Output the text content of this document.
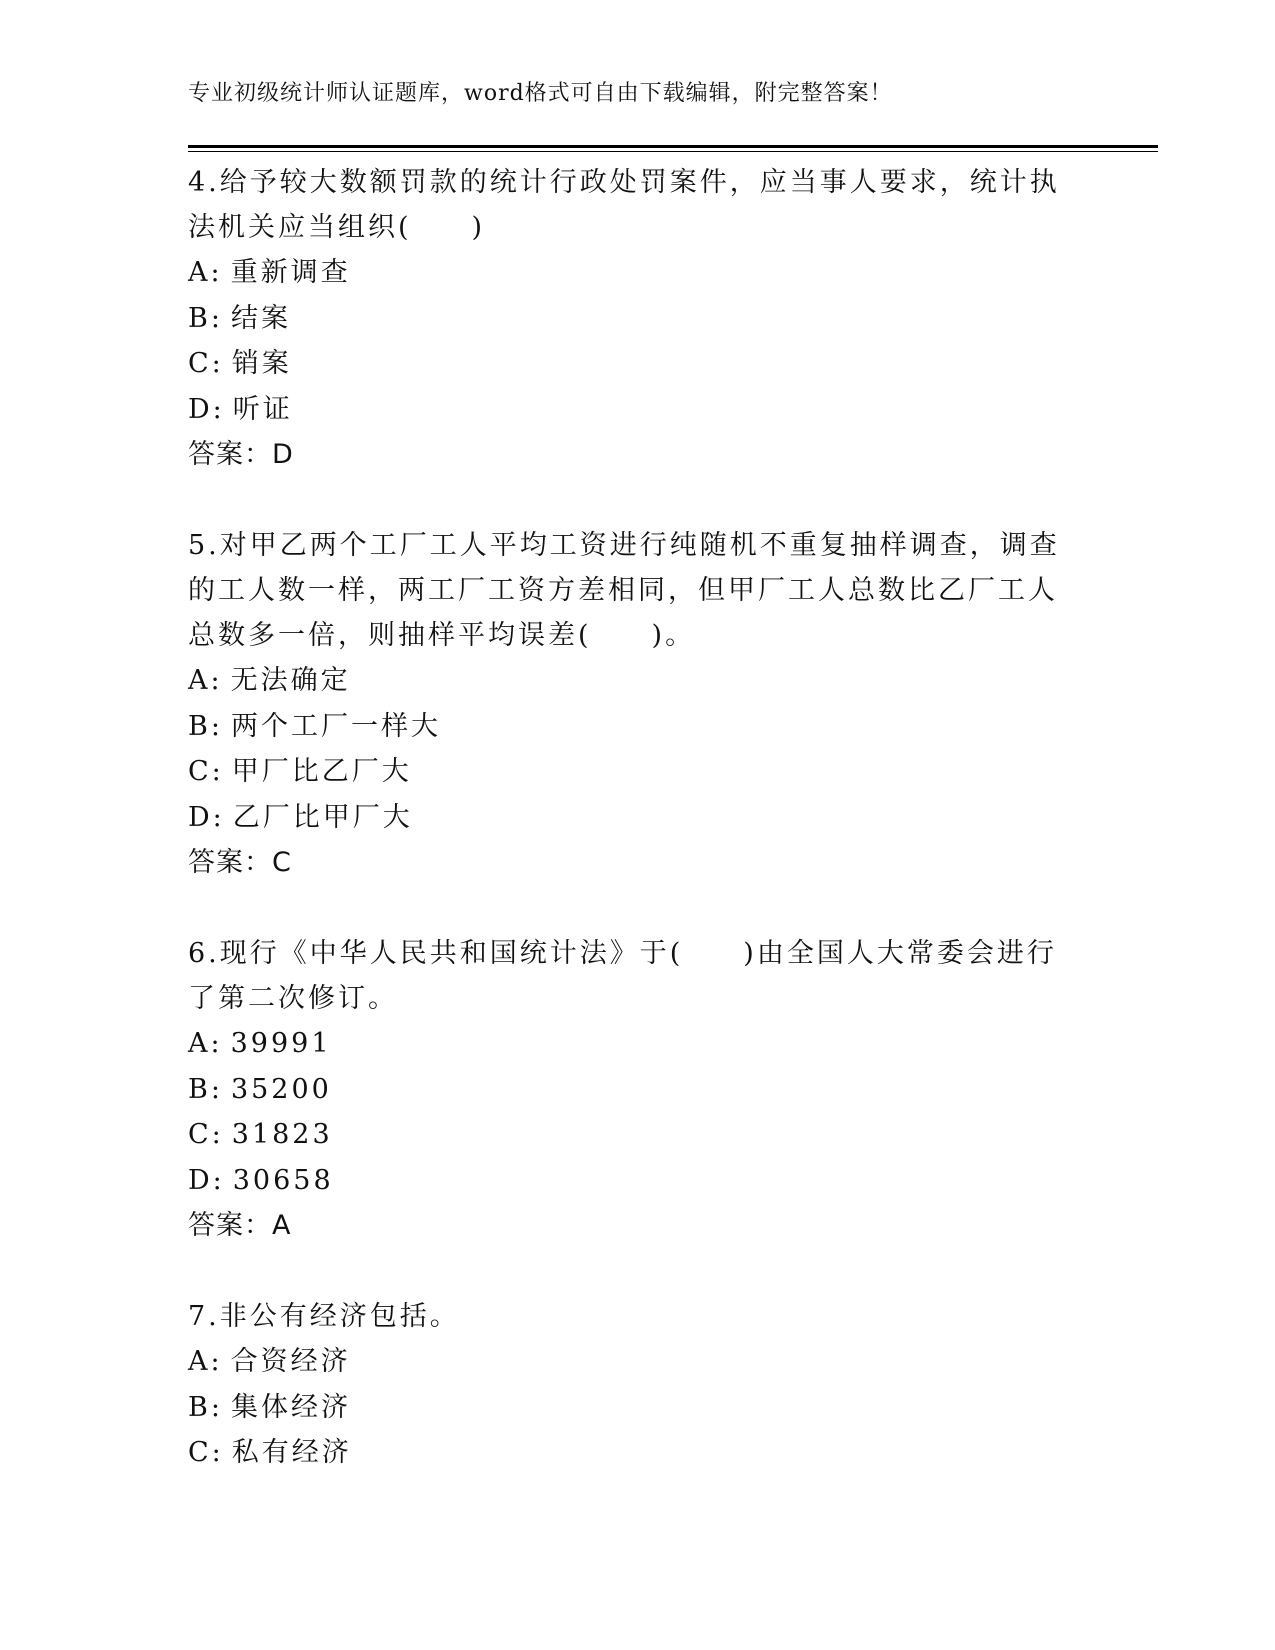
专业初级统计师认证题库，word格式可自由下载编辑，附完整答案！

4.给予较大数额罚款的统计行政处罚案件，应当事人要求，统计执法机关应当组织(　　)

A: 重新调查
B: 结案
C: 销案
D: 听证
答案：D

5.对甲乙两个工厂工人平均工资进行纯随机不重复抽样调查，调查的工人数一样，两工厂工资方差相同，但甲厂工人总数比乙厂工人总数多一倍，则抽样平均误差(　　)。

A: 无法确定
B: 两个工厂一样大
C: 甲厂比乙厂大
D: 乙厂比甲厂大
答案：C

6.现行《中华人民共和国统计法》于(　　)由全国人大常委会进行了第二次修订。

A: 39991
B: 35200
C: 31823
D: 30658
答案：A

7.非公有经济包括。

A: 合资经济
B: 集体经济
C: 私有经济
